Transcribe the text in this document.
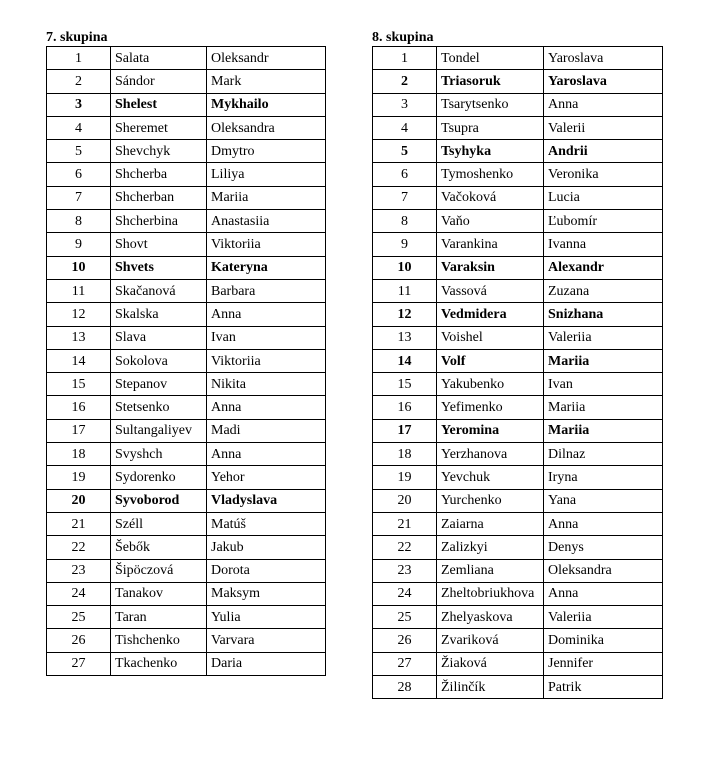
7. skupina
1	Salata	Oleksandr
2	Sándor	Mark
3	Shelest	Mykhailo
4	Sheremet	Oleksandra
5	Shevchyk	Dmytro
6	Shcherba	Liliya
7	Shcherban	Mariia
8	Shcherbina	Anastasiia
9	Shovt	Viktoriia
10	Shvets	Kateryna
11	Skačanová	Barbara
12	Skalska	Anna
13	Slava	Ivan
14	Sokolova	Viktoriia
15	Stepanov	Nikita
16	Stetsenko	Anna
17	Sultangaliyev	Madi
18	Svyshch	Anna
19	Sydorenko	Yehor
20	Syvoborod	Vladyslava
21	Széll	Matúš
22	Šebők	Jakub
23	Šipöczová	Dorota
24	Tanakov	Maksym
25	Taran	Yulia
26	Tishchenko	Varvara
27	Tkachenko	Daria
8. skupina
1	Tondel	Yaroslava
2	Triasoruk	Yaroslava
3	Tsarytsenko	Anna
4	Tsupra	Valerii
5	Tsyhyka	Andrii
6	Tymoshenko	Veronika
7	Vačoková	Lucia
8	Vaňo	Ľubomír
9	Varankina	Ivanna
10	Varaksin	Alexandr
11	Vassová	Zuzana
12	Vedmidera	Snizhana
13	Voishel	Valeriia
14	Volf	Mariia
15	Yakubenko	Ivan
16	Yefimenko	Mariia
17	Yeromina	Mariia
18	Yerzhanova	Dilnaz
19	Yevchuk	Iryna
20	Yurchenko	Yana
21	Zaiarna	Anna
22	Zalizkyi	Denys
23	Zemliana	Oleksandra
24	Zheltobriukhova	Anna
25	Zhelyaskova	Valeriia
26	Zvariková	Dominika
27	Žiaková	Jennifer
28	Žilinčík	Patrik
